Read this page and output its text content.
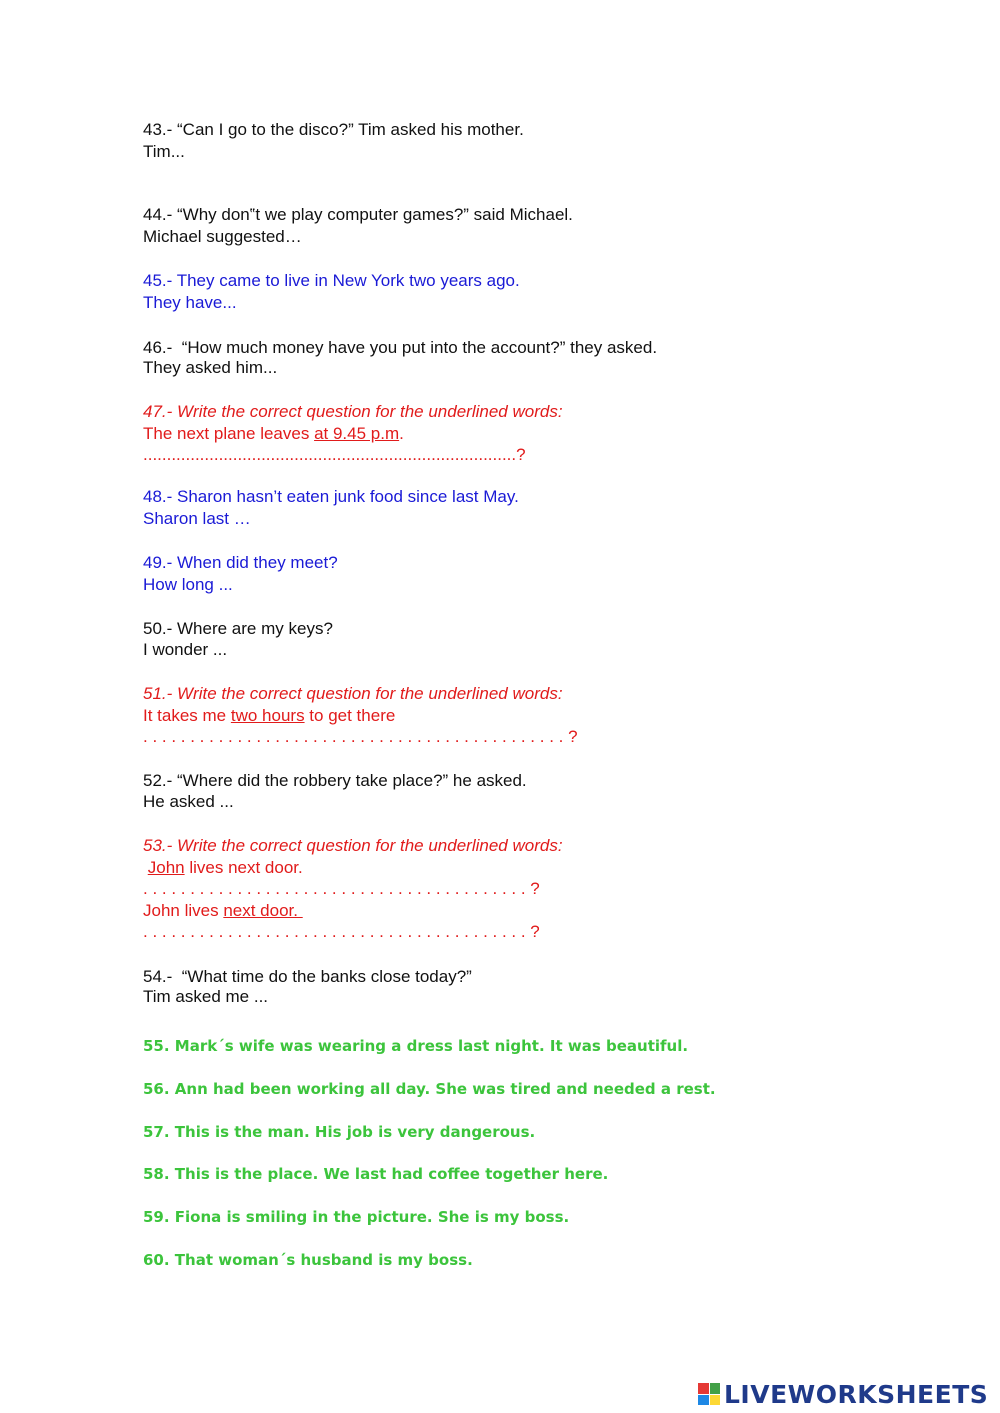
43.- “Can I go to the disco?” Tim asked his mother.
Tim...
44.- “Why don‟t we play computer games?” said Michael.
Michael suggested…
45.- They came to live in New York two years ago.
They have...
46.-  “How much money have you put into the account?” they asked.
They asked him...
47.- Write the correct question for the underlined words:
The next plane leaves at 9.45 p.m.
...............................................................................?
48.- Sharon hasn’t eaten junk food since last May.
Sharon last …
49.- When did they meet?
How long ...
50.- Where are my keys?
I wonder ...
51.- Write the correct question for the underlined words:
It takes me two hours to get there
. . . . . . . . . . . . . . . . . . . . . . . . . . . . . . . . . . . . . . . . . . . . . ?
52.- “Where did the robbery take place?” he asked.
He asked ...
53.- Write the correct question for the underlined words:
John lives next door.
. . . . . . . . . . . . . . . . . . . . . . . . . . . . . . . . . . . . . . . . . ?
John lives next door.
. . . . . . . . . . . . . . . . . . . . . . . . . . . . . . . . . . . . . . . . . ?
54.-  “What time do the banks close today?”
Tim asked me ...
55. Mark´s wife was wearing a dress last night. It was beautiful.
56. Ann had been working all day. She was tired and needed a rest.
57. This is the man. His job is very dangerous.
58. This is the place. We last had coffee together here.
59. Fiona is smiling in the picture. She is my boss.
60. That woman´s husband is my boss.
LIVEWORKSHEETS
